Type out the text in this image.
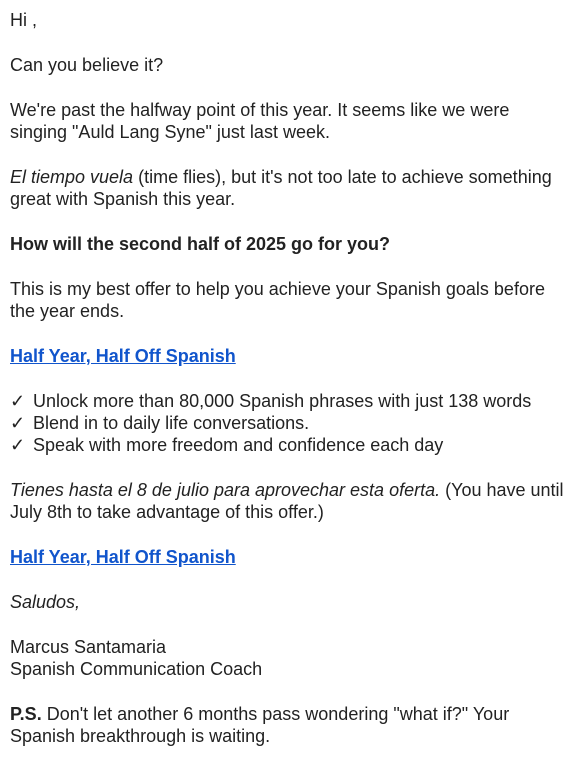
Hi ,

Can you believe it?

We're past the halfway point of this year. It seems like we were singing "Auld Lang Syne" just last week.

El tiempo vuela (time flies), but it's not too late to achieve something great with Spanish this year.

How will the second half of 2025 go for you?

This is my best offer to help you achieve your Spanish goals before the year ends.

Half Year, Half Off Spanish

✓ Unlock more than 80,000 Spanish phrases with just 138 words

✓ Blend in to daily life conversations.

✓ Speak with more freedom and confidence each day

Tienes hasta el 8 de julio para aprovechar esta oferta. (You have until July 8th to take advantage of this offer.)

Half Year, Half Off Spanish

Saludos,

Marcus Santamaria

Spanish Communication Coach

P.S. Don't let another 6 months pass wondering "what if?" Your Spanish breakthrough is waiting.
